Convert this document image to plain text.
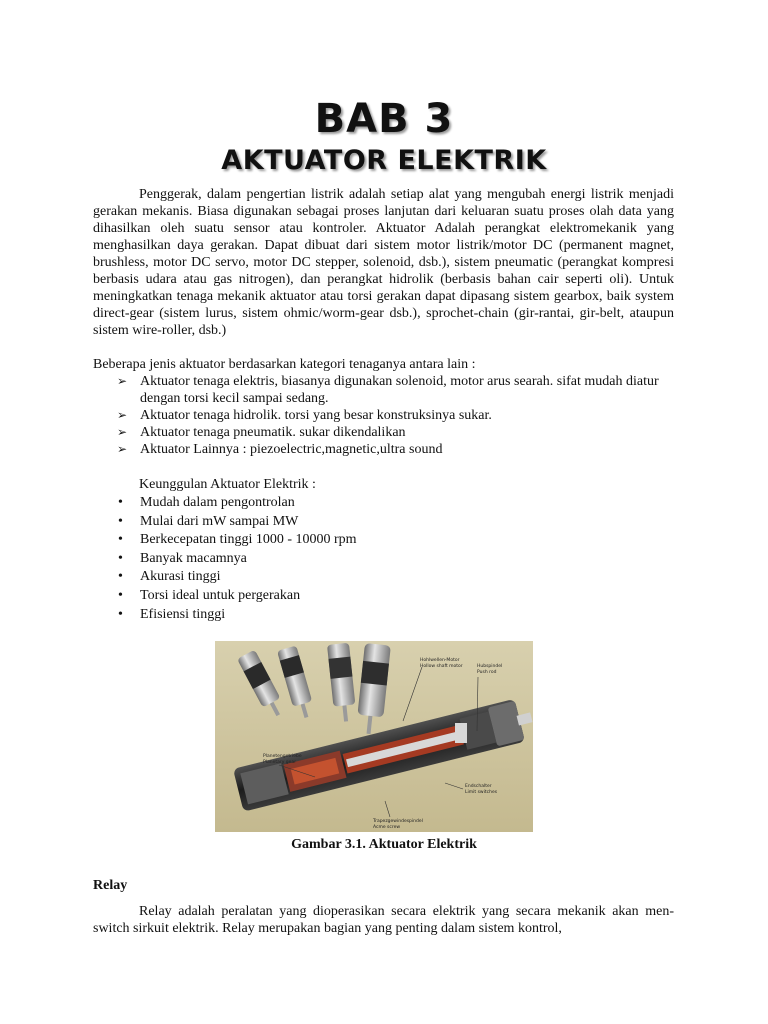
BAB 3
AKTUATOR ELEKTRIK

Penggerak, dalam pengertian listrik adalah setiap alat yang mengubah energi listrik menjadi gerakan mekanis. Biasa digunakan sebagai proses lanjutan dari keluaran suatu proses olah data yang dihasilkan oleh suatu sensor atau kontroler. Aktuator Adalah perangkat elektromekanik yang menghasilkan daya gerakan. Dapat dibuat dari sistem motor listrik/motor DC (permanent magnet, brushless, motor DC servo, motor DC stepper, solenoid, dsb.), sistem pneumatic (perangkat kompresi berbasis udara atau gas nitrogen), dan perangkat hidrolik (berbasis bahan cair seperti oli). Untuk meningkatkan tenaga mekanik aktuator atau torsi gerakan dapat dipasang sistem gearbox, baik system direct-gear (sistem lurus, sistem ohmic/worm-gear dsb.), sprochet-chain (gir-rantai, gir-belt, ataupun sistem wire-roller, dsb.)

Beberapa jenis aktuator berdasarkan kategori tenaganya antara lain :
➢ Aktuator tenaga elektris, biasanya digunakan solenoid, motor arus searah. sifat mudah diatur dengan torsi kecil sampai sedang.
➢ Aktuator tenaga hidrolik. torsi yang besar konstruksinya sukar.
➢ Aktuator tenaga pneumatik. sukar dikendalikan
➢ Aktuator Lainnya : piezoelectric,magnetic,ultra sound
Keunggulan Aktuator Elektrik :
• Mudah dalam pengontrolan
• Mulai dari mW sampai MW
• Berkecepatan tinggi 1000 - 10000 rpm
• Banyak macamnya
• Akurasi tinggi
• Torsi ideal untuk pergerakan
• Efisiensi tinggi
Hohlwellen-Motor
Hollow shaft motor	Hubspindel
Push rod
Planetengetriebe
Planetary gear
Endschalter
Limit switches
Trapezgewindespindel
Acme screw
Gambar 3.1. Aktuator Elektrik
Relay

Relay adalah peralatan yang dioperasikan secara elektrik yang secara mekanik akan men-switch sirkuit elektrik. Relay merupakan bagian yang penting dalam sistem kontrol,
